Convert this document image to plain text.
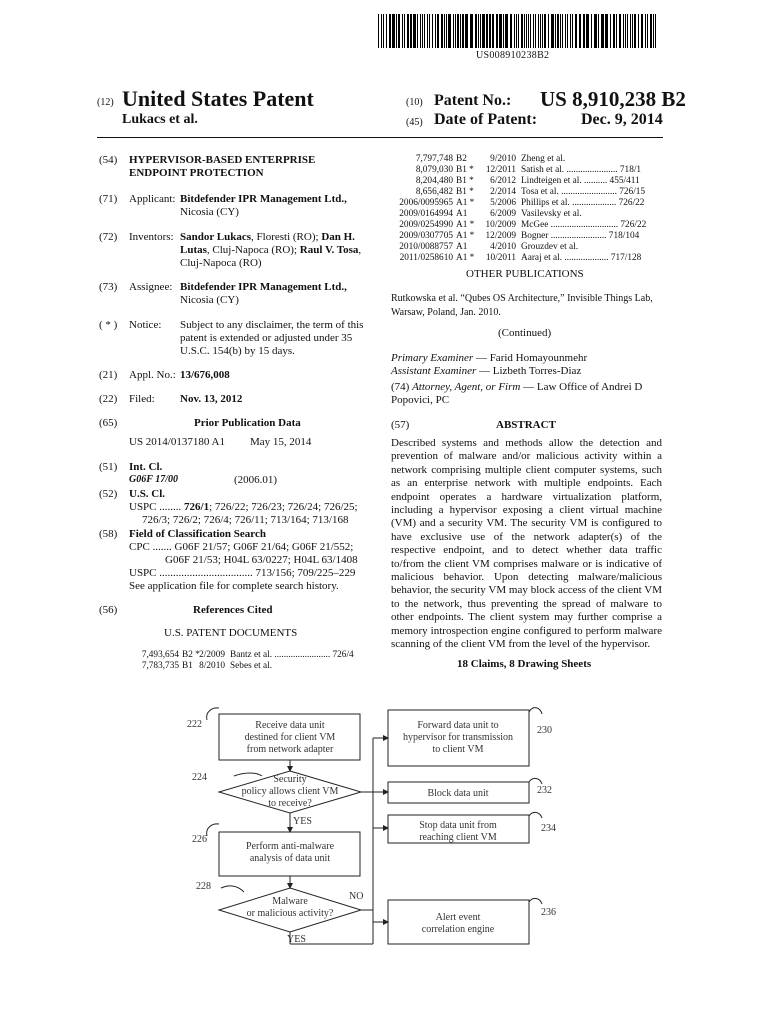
US008910238B2
(12) United States Patent
Lukacs et al.
(10) Patent No.: US 8,910,238 B2
(45) Date of Patent:	Dec. 9, 2014
(54) HYPERVISOR-BASED ENTERPRISE
ENDPOINT PROTECTION
(71) Applicant: Bitdefender IPR Management Ltd.,
Nicosia (CY)
(72) Inventors: Sandor Lukacs, Floresti (RO); Dan H.
Lutas, Cluj-Napoca (RO); Raul V. Tosa,
Cluj-Napoca (RO)
(73) Assignee: Bitdefender IPR Management Ltd.,
Nicosia (CY)
( * ) Notice: Subject to any disclaimer, the term of this
patent is extended or adjusted under 35
U.S.C. 154(b) by 15 days.
(21) Appl. No.: 13/676,008
(22) Filed: Nov. 13, 2012
(65)	Prior Publication Data
US 2014/0137180 A1 May 15, 2014
(51) Int. Cl.
G06F 17/00	(2006.01)
(52) U.S. Cl.
USPC ........ 726/1; 726/22; 726/23; 726/24; 726/25;
726/3; 726/2; 726/4; 726/11; 713/164; 713/168
(58) Field of Classification Search
CPC ....... G06F 21/57; G06F 21/64; G06F 21/552;
G06F 21/53; H04L 63/0227; H04L 63/1408
USPC .................................. 713/156; 709/225–229
See application file for complete search history.
(56)	References Cited
U.S. PATENT DOCUMENTS
7,493,654 B2 * 2/2009 Bantz et al. ........................ 726/4
7,783,735 B1 8/2010 Sebes et al.
7,797,748 B2	9/2010 Zheng et al.
8,079,030 B1 * 12/2011 Satish et al. ...................... 718/1
8,204,480 B1 * 6/2012 Lindteigen et al. .......... 455/411
8,656,482 B1 * 2/2014 Tosa et al. ........................ 726/15
2006/0095965 A1 * 5/2006 Phillips et al. ................... 726/22
2009/0164994 A1 6/2009 Vasilevsky et al.
2009/0254990 A1 * 10/2009 McGee ............................. 726/22
2009/0307705 A1 * 12/2009 Bogner ........................ 718/104
2010/0088757 A1 4/2010 Grouzdev et al.
2011/0258610 A1 * 10/2011 Aaraj et al. ................... 717/128
OTHER PUBLICATIONS
Rutkowska et al. “Qubes OS Architecture,” Invisible Things Lab,
Warsaw, Poland, Jan. 2010.
(Continued)
Primary Examiner — Farid Homayounmehr
Assistant Examiner — Lizbeth Torres-Diaz
(74) Attorney, Agent, or Firm — Law Office of Andrei D
Popovici, PC
(57)	ABSTRACT
Described systems and methods allow the detection and prevention of malware and/or malicious activity within a network comprising multiple client computer systems, such as an enterprise network with multiple endpoints. Each endpoint operates a hardware virtualization platform, including a hypervisor exposing a client virtual machine (VM) and a security VM. The security VM is configured to have exclusive use of the network adapter(s) of the respective endpoint, and to detect whether data traffic to/from the client VM comprises malware or is indicative of malicious behavior. Upon detecting malware/malicious behavior, the security VM may block access of the client VM to the network, thus preventing the spread of malware to other endpoints. The client system may further comprise a memory introspection engine configured to perform malware scanning of the client VM from the level of the hypervisor.
18 Claims, 8 Drawing Sheets
222	Receive data unit
destined for client VM
from network adapter
224	Security
policy allows client VM
to receive?
YES
226
Perform anti-malware
analysis of data unit
228
Malware
or malicious activity?
NO
YES
Forward data unit to
hypervisor for transmission
to client VM
230
Block data unit	232
Stop data unit from
reaching client VM
234
Alert event
correlation engine
236
